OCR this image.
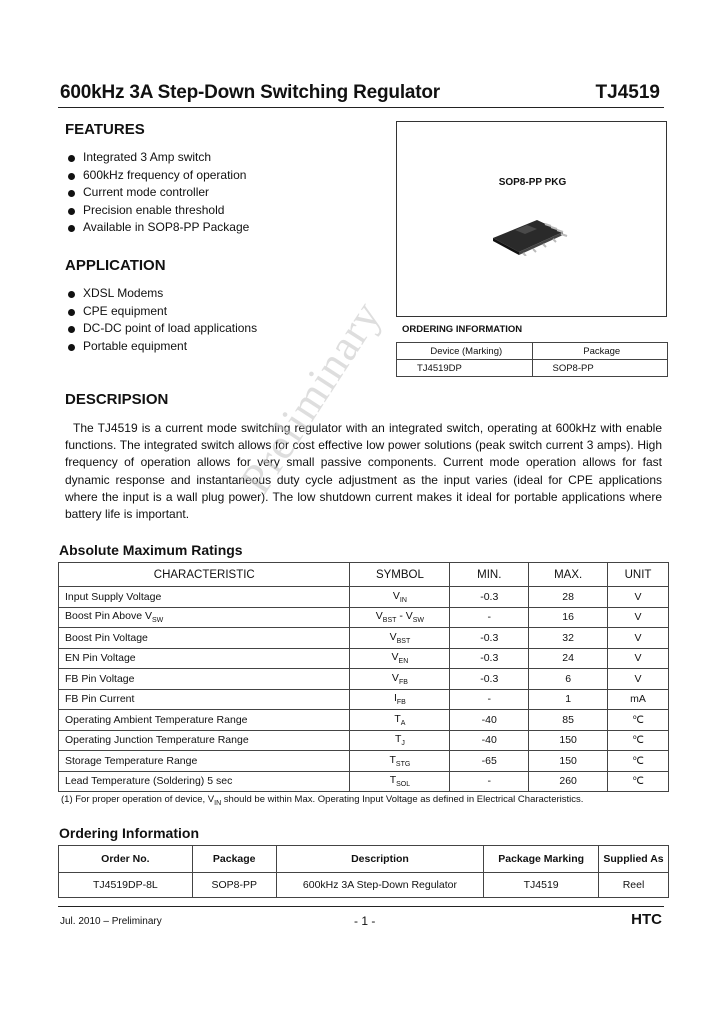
600kHz 3A Step-Down Switching Regulator	TJ4519
FEATURES
Integrated 3 Amp switch
600kHz frequency of operation
Current mode controller
Precision enable threshold
Available in SOP8-PP Package
APPLICATION
XDSL Modems
CPE equipment
DC-DC point of load applications
Portable equipment
SOP8-PP PKG
ORDERING INFORMATION
Device (Marking)	Package
TJ4519DP	SOP8-PP
DESCRIPSION

The TJ4519 is a current mode switching regulator with an integrated switch, operating at 600kHz with enable functions. The integrated switch allows for cost effective low power solutions (peak switch current 3 amps). High frequency of operation allows for very small passive components. Current mode operation allows for fast dynamic response and instantaneous duty cycle adjustment as the input varies (ideal for CPE applications where the input is a wall plug power). The low shutdown current makes it ideal for portable applications where battery life is important.

Preliminary
Absolute Maximum Ratings
CHARACTERISTIC	SYMBOL	MIN.	MAX.	UNIT
Input Supply Voltage	$V_{IN}$	-0.3	28	V
Boost Pin Above $V_{SW}$	$V_{BST} - V_{SW}$	-	16	V
Boost Pin Voltage	$V_{BST}$	-0.3	32	V
EN Pin Voltage	$V_{EN}$	-0.3	24	V
FB Pin Voltage	$V_{FB}$	-0.3	6	V
FB Pin Current	$I_{FB}$	-	1	mA
Operating Ambient Temperature Range	$T_A$	-40	85	℃
Operating Junction Temperature Range	$T_J$	-40	150	℃
Storage Temperature Range	$T_{STG}$	-65	150	℃
Lead Temperature (Soldering) 5 sec	$T_{SOL}$	-	260	℃
(1) For proper operation of device, $V_{IN}$ should be within Max. Operating Input Voltage as defined in Electrical Characteristics.
Ordering Information
Order No.	Package	Description	Package Marking	Supplied As
TJ4519DP-8L	SOP8-PP	600kHz 3A Step-Down Regulator	TJ4519	Reel
Jul. 2010 – Preliminary	- 1 -	HTC
